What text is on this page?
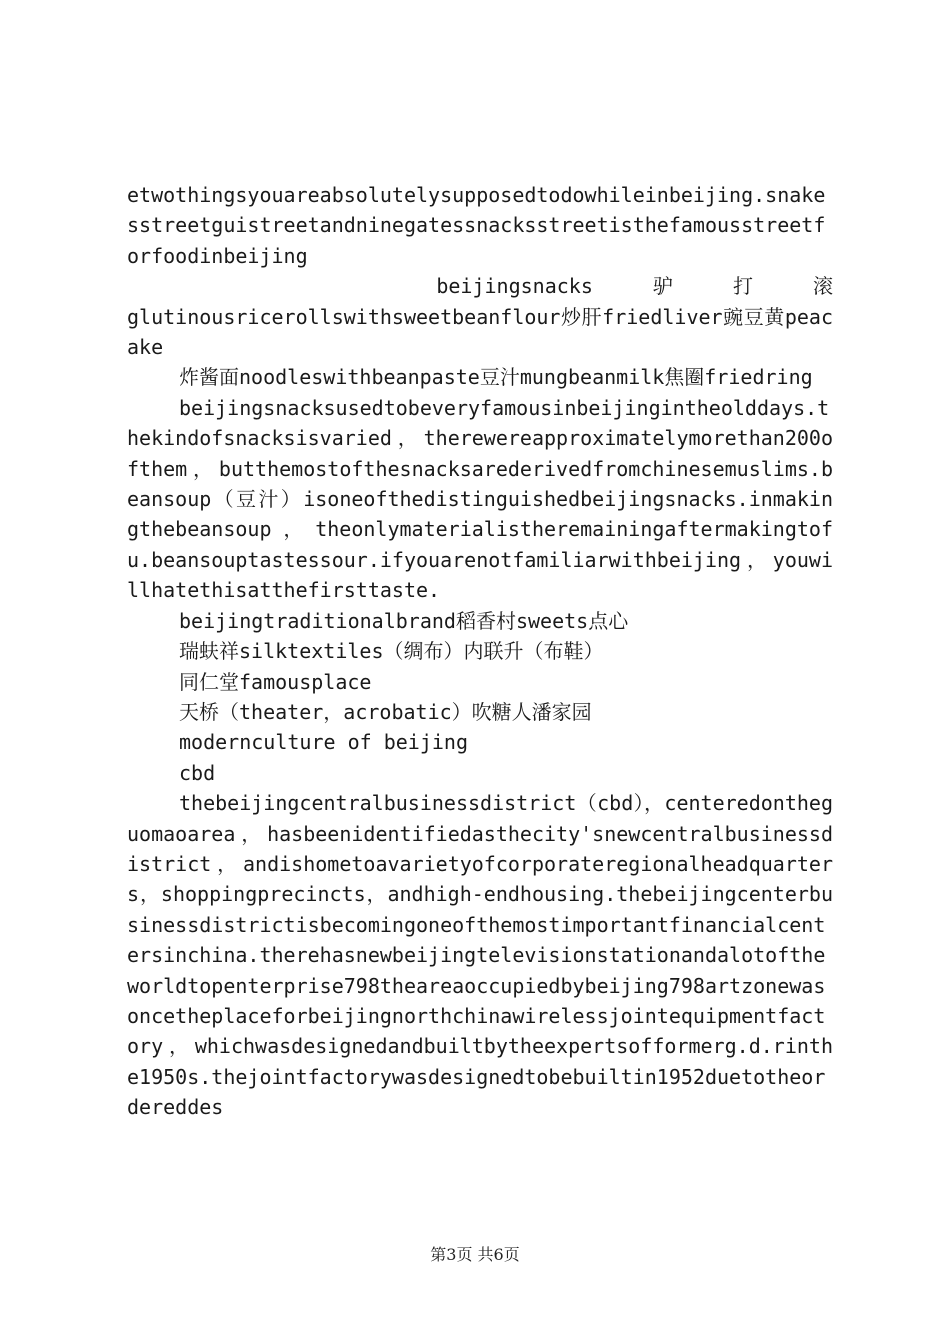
etwothingsyouareabsolutelysupposedtodowhileinbeijing.snakesstreetguistreetandninegatessnacksstreetisthefamousstreetforfoodinbeijing

beijingsnacks 驴 打 滚

glutinousricerollswithsweetbeanflour炒肝friedliver豌豆黄peacake

炸酱面noodleswithbeanpaste豆汁mungbeanmilk焦圈friedring

beijingsnacksusedtobeveryfamousinbeijingintheolddays.thekindofsnacksisvaried，therewereapproximatelymorethan200ofthem，butthemostofthesnacksarederivedfromchinesemuslims.beansoup（豆汁）isoneofthedistinguishedbeijingsnacks.inmakingthebeansoup，theonlymaterialistheremainingaftermakingtofu.beansouptastessour.ifyouarenotfamiliarwithbeijing，youwillhatethisatthefirsttaste.

beijingtraditionalbrand稻香村sweets点心

瑞蚨祥silktextiles（绸布）内联升（布鞋）

同仁堂famousplace

天桥（theater，acrobatic）吹糖人潘家园

modernculture of beijing

cbd

thebeijingcentralbusinessdistrict（cbd），centeredontheguomaoarea，hasbeenidentifiedasthecity'snewcentralbusinessdistrict，andishometoavarietyofcorporateregionalheadquarters，shoppingprecincts，andhigh-endhousing.thebeijingcenterbusinessdistrictisbecomingoneofthemostimportantfinancialcentersinchina.therehasnewbeijingtelevisionstationandalotoftheworldtopenterprise798theareaoccupiedbybeijing798artzonewasoncetheplaceforbeijingnorthchinawirelessjointequipmentfactory，whichwasdesignedandbuiltbytheexpertsofformerg.d.rinthe1950s.thejointfactorywasdesignedtobebuiltin1952duetotheordereddes

第3页 共6页
